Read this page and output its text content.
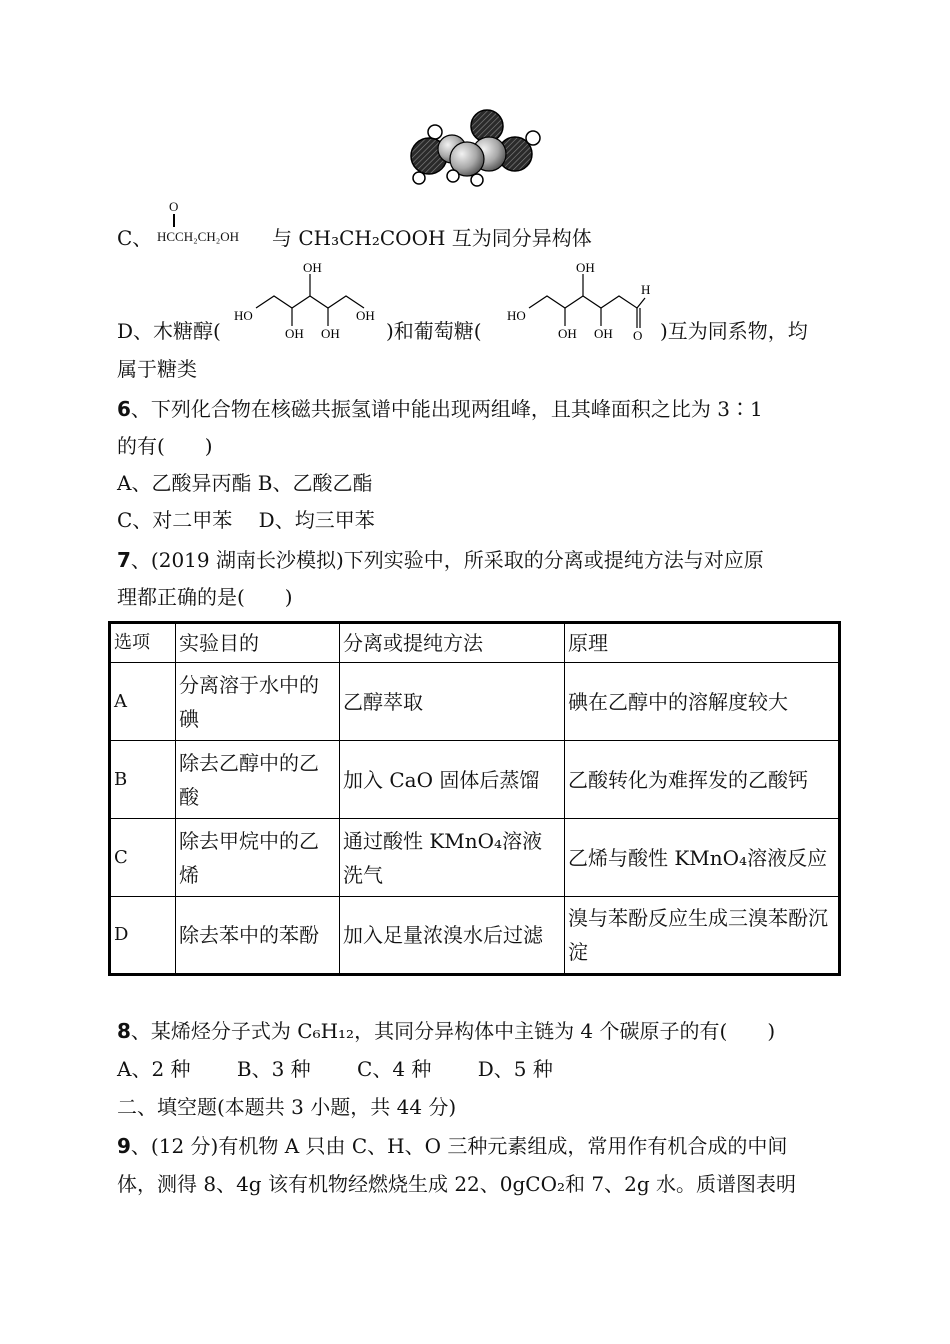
C、
O
HCCH₂CH₂OH 与 CH₃CH₂COOH 互为同分异构体
D、木糖醇(
OH
HO
OH OH
OH
)和葡萄糖(
OH
H
HO
OH OH O )互为同系物，均
属于糖类
6、下列化合物在核磁共振氢谱中能出现两组峰，且其峰面积之比为 3∶1
的有(　　)
A、乙酸异丙酯 B、乙酸乙酯
C、对二甲苯　 D、均三甲苯
7、(2019 湖南长沙模拟)下列实验中，所采取的分离或提纯方法与对应原
理都正确的是(　　)
选项	实验目的	分离或提纯方法	原理
A	分离溶于水中的碘	乙醇萃取	碘在乙醇中的溶解度较大
B	除去乙醇中的乙酸	加入 CaO 固体后蒸馏	乙酸转化为难挥发的乙酸钙
C	除去甲烷中的乙烯	通过酸性 KMnO₄溶液洗气	乙烯与酸性 KMnO₄溶液反应
D	除去苯中的苯酚	加入足量浓溴水后过滤	溴与苯酚反应生成三溴苯酚沉淀
8、某烯烃分子式为 C₆H₁₂，其同分异构体中主链为 4 个碳原子的有(　　)
A、2 种　　 B、3 种　　 C、4 种　　 D、5 种
二、填空题(本题共 3 小题，共 44 分)
9、(12 分)有机物 A 只由 C、H、O 三种元素组成，常用作有机合成的中间
体，测得 8、4g 该有机物经燃烧生成 22、0gCO₂和 7、2g 水。质谱图表明
